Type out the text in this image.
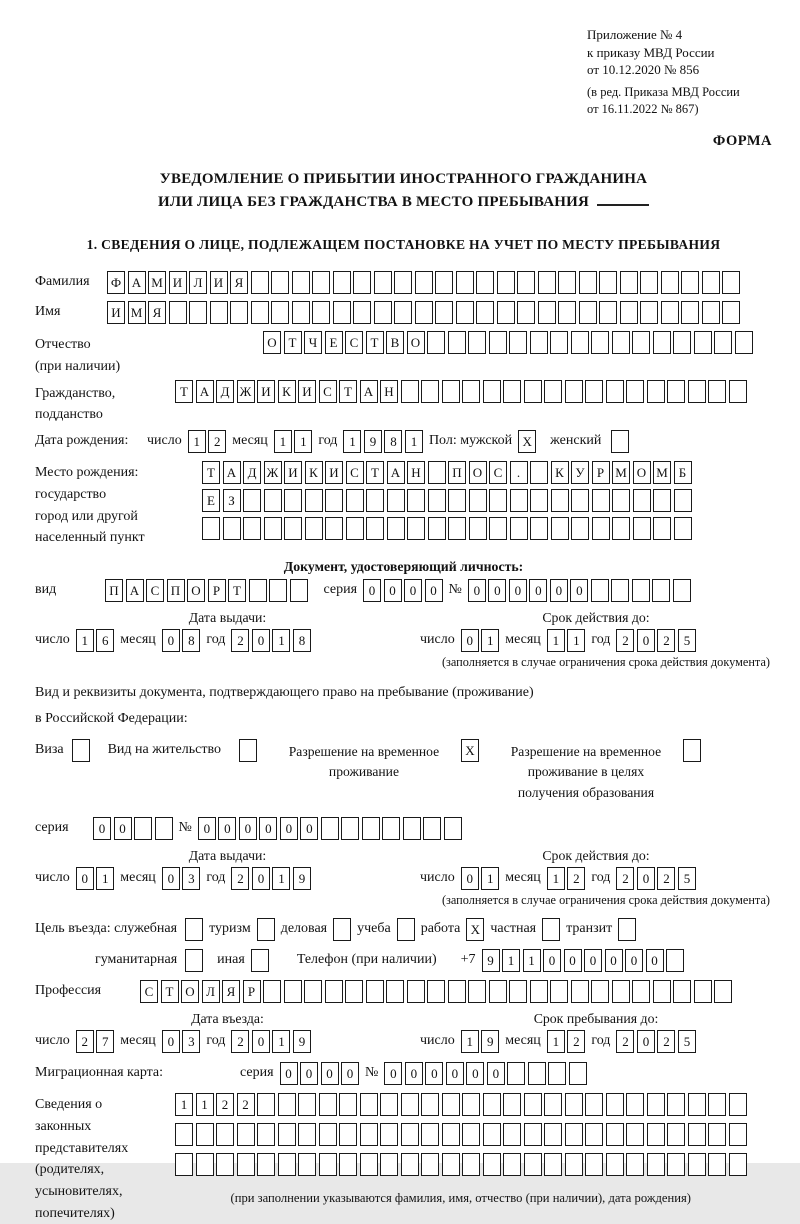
Приложение № 4
к приказу МВД России
от 10.12.2020 № 856
(в ред. Приказа МВД России
от 16.11.2022 № 867)
ФОРМА
УВЕДОМЛЕНИЕ О ПРИБЫТИИ ИНОСТРАННОГО ГРАЖДАНИНА
ИЛИ ЛИЦА БЕЗ ГРАЖДАНСТВА В МЕСТО ПРЕБЫВАНИЯ
1. СВЕДЕНИЯ О ЛИЦЕ, ПОДЛЕЖАЩЕМ ПОСТАНОВКЕ НА УЧЕТ ПО МЕСТУ ПРЕБЫВАНИЯ
Фамилия	Ф А М И Л И Я
Имя	И М Я
Отчество
(при наличии)
О Т Ч Е С Т В О
Гражданство,
подданство
Т А Д Ж И К И С Т А Н
Дата рождения:	число 1	2 месяц 1	1 год 1	9	8	1 Пол: мужской X	женский
Место рождения:
государство
город или другой
населенный пункт
Т А Д Ж И К И С Т А Н	П О С	.	К У Р М О М Б
Е	З
Документ, удостоверяющий личность:
вид	П А С П О Р Т	серия 0	0	0	0 № 0	0	0	0	0	0
Дата выдачи:
число 1	6 месяц 0	8 год 2	0	1	8
Срок действия до:
число 0	1 месяц 1	1 год 2	0	2	5
(заполняется в случае ограничения срока действия документа)
Вид и реквизиты документа, подтверждающего право на пребывание (проживание)
в Российской Федерации:
Виза	Вид на жительство	Разрешение на временное проживание
X	Разрешение на временное проживание в целях получения образования
серия	0	0	№ 0	0	0	0	0	0
Дата выдачи:
число 0	1 месяц 0	3 год 2	0	1	9
Срок действия до:
число 0	1 месяц 1	2 год 2	0	2	5
(заполняется в случае ограничения срока действия документа)
Цель въезда: служебная	туризм	деловая	учеба	работа X частная	транзит
гуманитарная	иная	Телефон (при наличии)	+7 9	1	1	0	0	0	0	0	0
Профессия	С Т О Л Я Р
Дата въезда:
число 2	7 месяц 0	3 год 2	0	1	9
Срок пребывания до:
число 1	9 месяц 1	2 год 2	0	2	5
Миграционная карта:	серия 0	0	0	0 № 0	0	0	0	0	0
Сведения о
законных
представителях
(родителях,
усыновителях,
попечителях)
1	1	2	2
(при заполнении указываются фамилия, имя, отчество (при наличии), дата рождения)
